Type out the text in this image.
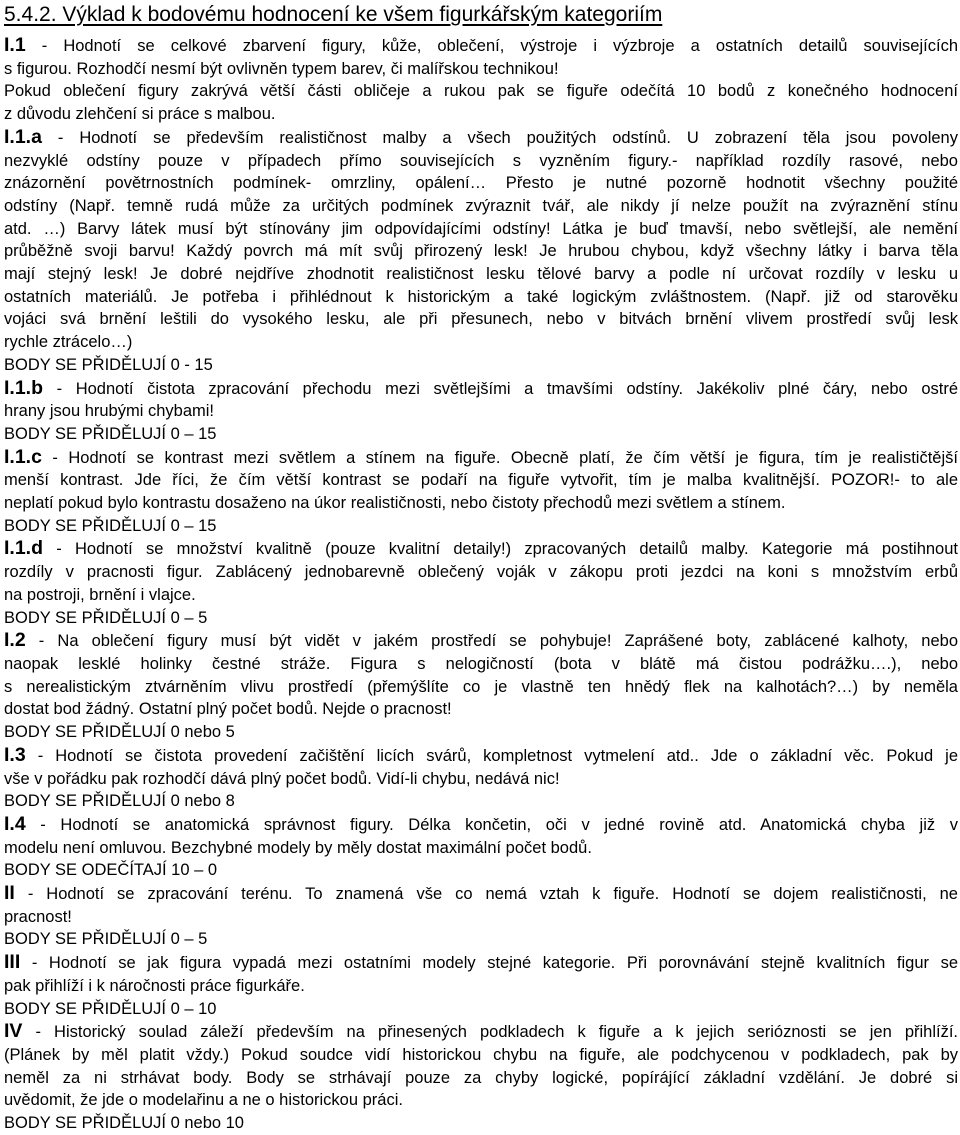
5.4.2. Výklad k bodovému hodnocení ke všem figurkářským kategoriím
I.1 - Hodnotí se celkové zbarvení figury, kůže, oblečení, výstroje i výzbroje a ostatních detailů souvisejících
s figurou. Rozhodčí nesmí být ovlivněn typem barev, či malířskou technikou!
Pokud oblečení figury zakrývá větší části obličeje a rukou pak se figuře odečítá 10 bodů z konečného hodnocení
z důvodu zlehčení si práce s malbou.
I.1.a - Hodnotí se především realističnost malby a všech použitých odstínů. U zobrazení těla jsou povoleny
nezvyklé odstíny pouze v případech přímo souvisejících s vyzněním figury.- například rozdíly rasové, nebo
znázornění povětrnostních podmínek- omrzliny, opálení… Přesto je nutné pozorně hodnotit všechny použité
odstíny (Např. temně rudá může za určitých podmínek zvýraznit tvář, ale nikdy jí nelze použít na zvýraznění stínu
atd. …) Barvy látek musí být stínovány jim odpovídajícími odstíny! Látka je buď tmavší, nebo světlejší, ale nemění
průběžně svoji barvu! Každý povrch má mít svůj přirozený lesk! Je hrubou chybou, když všechny látky i barva těla
mají stejný lesk! Je dobré nejdříve zhodnotit realističnost lesku tělové barvy a podle ní určovat rozdíly v lesku u
ostatních materiálů. Je potřeba i přihlédnout k historickým a také logickým zvláštnostem. (Např. již od starověku
vojáci svá brnění leštili do vysokého lesku, ale při přesunech, nebo v bitvách brnění vlivem prostředí svůj lesk
rychle ztrácelo…)
BODY SE PŘIDĚLUJÍ 0 - 15
I.1.b - Hodnotí čistota zpracování přechodu mezi světlejšími a tmavšími odstíny. Jakékoliv plné čáry, nebo ostré
hrany jsou hrubými chybami!
BODY SE PŘIDĚLUJÍ 0 – 15
I.1.c - Hodnotí se kontrast mezi světlem a stínem na figuře. Obecně platí, že čím větší je figura, tím je realističtější
menší kontrast. Jde říci, že čím větší kontrast se podaří na figuře vytvořit, tím je malba kvalitnější. POZOR!- to ale
neplatí pokud bylo kontrastu dosaženo na úkor realističnosti, nebo čistoty přechodů mezi světlem a stínem.
BODY SE PŘIDĚLUJÍ 0 – 15
I.1.d - Hodnotí se množství kvalitně (pouze kvalitní detaily!) zpracovaných detailů malby. Kategorie má postihnout
rozdíly v pracnosti figur. Zablácený jednobarevně oblečený voják v zákopu proti jezdci na koni s množstvím erbů
na postroji, brnění i vlajce.
BODY SE PŘIDĚLUJÍ 0 – 5
I.2 - Na oblečení figury musí být vidět v jakém prostředí se pohybuje! Zaprášené boty, zablácené kalhoty, nebo
naopak lesklé holinky čestné stráže. Figura s nelogičností (bota v blátě má čistou podrážku….), nebo
s nerealistickým ztvárněním vlivu prostředí (přemýšlíte co je vlastně ten hnědý flek na kalhotách?…) by neměla
dostat bod žádný. Ostatní plný počet bodů. Nejde o pracnost!
BODY SE PŘIDĚLUJÍ 0 nebo 5
I.3 - Hodnotí se čistota provedení začištění licích svárů, kompletnost vytmelení atd.. Jde o základní věc. Pokud je
vše v pořádku pak rozhodčí dává plný počet bodů. Vidí-li chybu, nedává nic!
BODY SE PŘIDĚLUJÍ 0 nebo 8
I.4 - Hodnotí se anatomická správnost figury. Délka končetin, oči v jedné rovině atd. Anatomická chyba již v
modelu není omluvou. Bezchybné modely by měly dostat maximální počet bodů.
BODY SE ODEČÍTAJÍ 10 – 0
II - Hodnotí se zpracování terénu. To znamená vše co nemá vztah k figuře. Hodnotí se dojem realističnosti, ne
pracnost!
BODY SE PŘIDĚLUJÍ 0 – 5
III - Hodnotí se jak figura vypadá mezi ostatními modely stejné kategorie. Při porovnávání stejně kvalitních figur se
pak přihlíží i k náročnosti práce figurkáře.
BODY SE PŘIDĚLUJÍ 0 – 10
IV - Historický soulad záleží především na přinesených podkladech k figuře a k jejich serióznosti se jen přihlíží.
(Plánek by měl platit vždy.) Pokud soudce vidí historickou chybu na figuře, ale podchycenou v podkladech, pak by
neměl za ni strhávat body. Body se strhávají pouze za chyby logické, popírájící základní vzdělání. Je dobré si
uvědomit, že jde o modelařinu a ne o historickou práci.
BODY SE PŘIDĚLUJÍ 0 nebo 10
